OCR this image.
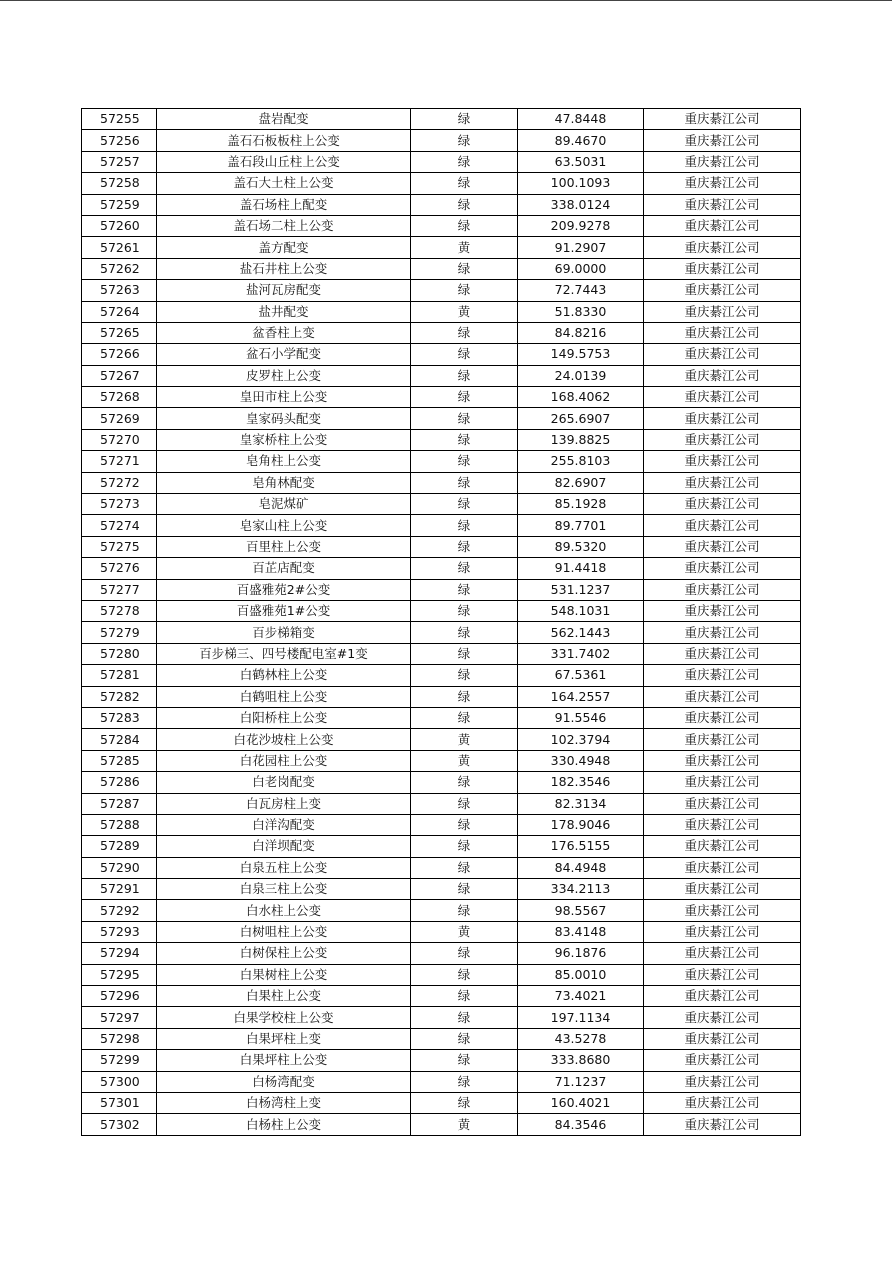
57255	盘岩配变	绿	47.8448	重庆綦江公司
57256	盖石石板板柱上公变	绿	89.4670	重庆綦江公司
57257	盖石段山丘柱上公变	绿	63.5031	重庆綦江公司
57258	盖石大土柱上公变	绿	100.1093	重庆綦江公司
57259	盖石场柱上配变	绿	338.0124	重庆綦江公司
57260	盖石场二柱上公变	绿	209.9278	重庆綦江公司
57261	盖方配变	黄	91.2907	重庆綦江公司
57262	盐石井柱上公变	绿	69.0000	重庆綦江公司
57263	盐河瓦房配变	绿	72.7443	重庆綦江公司
57264	盐井配变	黄	51.8330	重庆綦江公司
57265	盆香柱上变	绿	84.8216	重庆綦江公司
57266	盆石小学配变	绿	149.5753	重庆綦江公司
57267	皮罗柱上公变	绿	24.0139	重庆綦江公司
57268	皇田市柱上公变	绿	168.4062	重庆綦江公司
57269	皇家码头配变	绿	265.6907	重庆綦江公司
57270	皇家桥柱上公变	绿	139.8825	重庆綦江公司
57271	皂角柱上公变	绿	255.8103	重庆綦江公司
57272	皂角林配变	绿	82.6907	重庆綦江公司
57273	皂泥煤矿	绿	85.1928	重庆綦江公司
57274	皂家山柱上公变	绿	89.7701	重庆綦江公司
57275	百里柱上公变	绿	89.5320	重庆綦江公司
57276	百芷店配变	绿	91.4418	重庆綦江公司
57277	百盛雅苑2#公变	绿	531.1237	重庆綦江公司
57278	百盛雅苑1#公变	绿	548.1031	重庆綦江公司
57279	百步梯箱变	绿	562.1443	重庆綦江公司
57280	百步梯三、四号楼配电室#1变	绿	331.7402	重庆綦江公司
57281	白鹤林柱上公变	绿	67.5361	重庆綦江公司
57282	白鹤咀柱上公变	绿	164.2557	重庆綦江公司
57283	白阳桥柱上公变	绿	91.5546	重庆綦江公司
57284	白花沙坡柱上公变	黄	102.3794	重庆綦江公司
57285	白花园柱上公变	黄	330.4948	重庆綦江公司
57286	白老岗配变	绿	182.3546	重庆綦江公司
57287	白瓦房柱上变	绿	82.3134	重庆綦江公司
57288	白洋沟配变	绿	178.9046	重庆綦江公司
57289	白洋坝配变	绿	176.5155	重庆綦江公司
57290	白泉五柱上公变	绿	84.4948	重庆綦江公司
57291	白泉三柱上公变	绿	334.2113	重庆綦江公司
57292	白水柱上公变	绿	98.5567	重庆綦江公司
57293	白树咀柱上公变	黄	83.4148	重庆綦江公司
57294	白树保柱上公变	绿	96.1876	重庆綦江公司
57295	白果树柱上公变	绿	85.0010	重庆綦江公司
57296	白果柱上公变	绿	73.4021	重庆綦江公司
57297	白果学校柱上公变	绿	197.1134	重庆綦江公司
57298	白果坪柱上变	绿	43.5278	重庆綦江公司
57299	白果坪柱上公变	绿	333.8680	重庆綦江公司
57300	白杨湾配变	绿	71.1237	重庆綦江公司
57301	白杨湾柱上变	绿	160.4021	重庆綦江公司
57302	白杨柱上公变	黄	84.3546	重庆綦江公司
